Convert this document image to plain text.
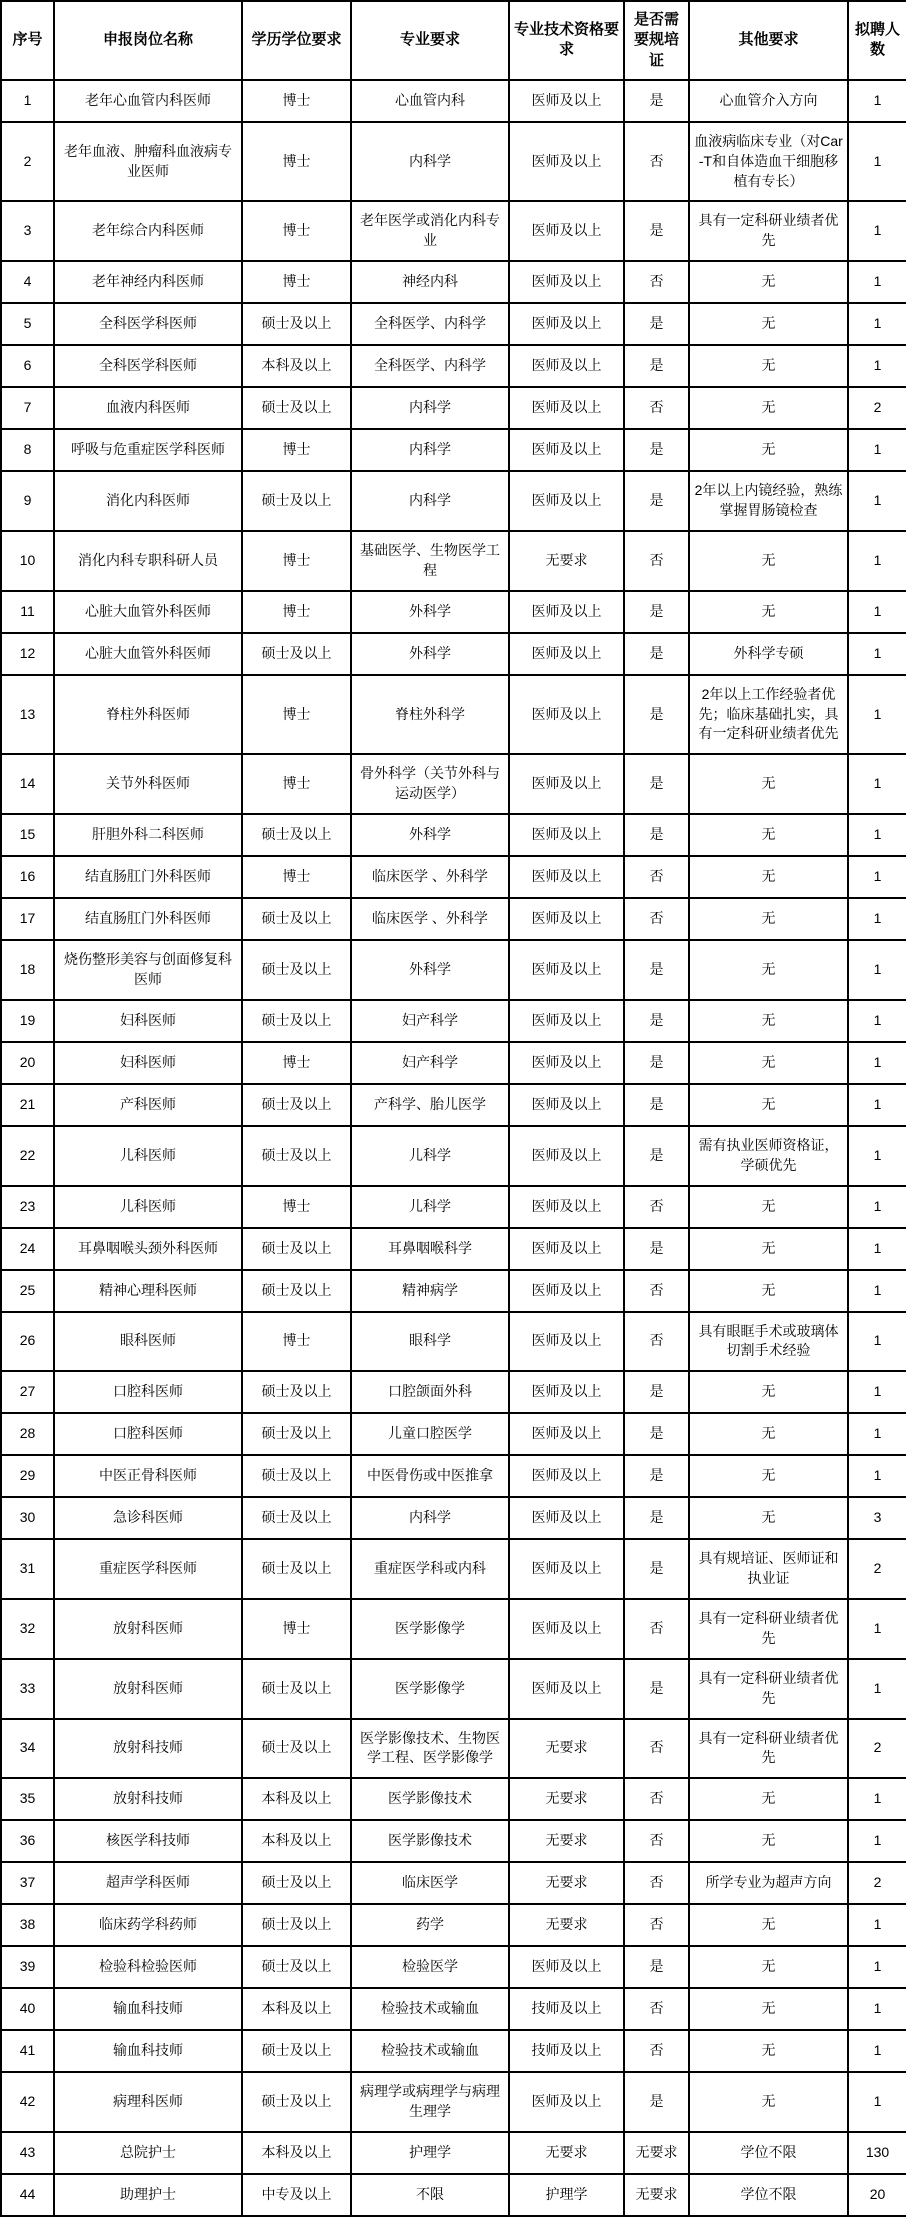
序号	申报岗位名称	学历学位要求	专业要求	专业技术资格要求	是否需要规培证	其他要求	拟聘人数
1	老年心血管内科医师	博士	心血管内科	医师及以上	是	心血管介入方向	1
2	老年血液、肿瘤科血液病专业医师	博士	内科学	医师及以上	否	血液病临床专业（对Car-T和自体造血干细胞移植有专长）	1
3	老年综合内科医师	博士	老年医学或消化内科专业	医师及以上	是	具有一定科研业绩者优先	1
4	老年神经内科医师	博士	神经内科	医师及以上	否	无	1
5	全科医学科医师	硕士及以上	全科医学、内科学	医师及以上	是	无	1
6	全科医学科医师	本科及以上	全科医学、内科学	医师及以上	是	无	1
7	血液内科医师	硕士及以上	内科学	医师及以上	否	无	2
8	呼吸与危重症医学科医师	博士	内科学	医师及以上	是	无	1
9	消化内科医师	硕士及以上	内科学	医师及以上	是	2年以上内镜经验，熟练掌握胃肠镜检查	1
10	消化内科专职科研人员	博士	基础医学、生物医学工程	无要求	否	无	1
11	心脏大血管外科医师	博士	外科学	医师及以上	是	无	1
12	心脏大血管外科医师	硕士及以上	外科学	医师及以上	是	外科学专硕	1
13	脊柱外科医师	博士	脊柱外科学	医师及以上	是	2年以上工作经验者优先；临床基础扎实，具有一定科研业绩者优先	1
14	关节外科医师	博士	骨外科学（关节外科与运动医学）	医师及以上	是	无	1
15	肝胆外科二科医师	硕士及以上	外科学	医师及以上	是	无	1
16	结直肠肛门外科医师	博士	临床医学 、外科学	医师及以上	否	无	1
17	结直肠肛门外科医师	硕士及以上	临床医学 、外科学	医师及以上	否	无	1
18	烧伤整形美容与创面修复科医师	硕士及以上	外科学	医师及以上	是	无	1
19	妇科医师	硕士及以上	妇产科学	医师及以上	是	无	1
20	妇科医师	博士	妇产科学	医师及以上	是	无	1
21	产科医师	硕士及以上	产科学、胎儿医学	医师及以上	是	无	1
22	儿科医师	硕士及以上	儿科学	医师及以上	是	需有执业医师资格证，学硕优先	1
23	儿科医师	博士	儿科学	医师及以上	否	无	1
24	耳鼻咽喉头颈外科医师	硕士及以上	耳鼻咽喉科学	医师及以上	是	无	1
25	精神心理科医师	硕士及以上	精神病学	医师及以上	否	无	1
26	眼科医师	博士	眼科学	医师及以上	否	具有眼眶手术或玻璃体切割手术经验	1
27	口腔科医师	硕士及以上	口腔颌面外科	医师及以上	是	无	1
28	口腔科医师	硕士及以上	儿童口腔医学	医师及以上	是	无	1
29	中医正骨科医师	硕士及以上	中医骨伤或中医推拿	医师及以上	是	无	1
30	急诊科医师	硕士及以上	内科学	医师及以上	是	无	3
31	重症医学科医师	硕士及以上	重症医学科或内科	医师及以上	是	具有规培证、医师证和执业证	2
32	放射科医师	博士	医学影像学	医师及以上	否	具有一定科研业绩者优先	1
33	放射科医师	硕士及以上	医学影像学	医师及以上	是	具有一定科研业绩者优先	1
34	放射科技师	硕士及以上	医学影像技术、生物医学工程、医学影像学	无要求	否	具有一定科研业绩者优先	2
35	放射科技师	本科及以上	医学影像技术	无要求	否	无	1
36	核医学科技师	本科及以上	医学影像技术	无要求	否	无	1
37	超声学科医师	硕士及以上	临床医学	无要求	否	所学专业为超声方向	2
38	临床药学科药师	硕士及以上	药学	无要求	否	无	1
39	检验科检验医师	硕士及以上	检验医学	医师及以上	是	无	1
40	输血科技师	本科及以上	检验技术或输血	技师及以上	否	无	1
41	输血科技师	硕士及以上	检验技术或输血	技师及以上	否	无	1
42	病理科医师	硕士及以上	病理学或病理学与病理生理学	医师及以上	是	无	1
43	总院护士	本科及以上	护理学	无要求	无要求	学位不限	130
44	助理护士	中专及以上	不限	护理学	无要求	学位不限	20
